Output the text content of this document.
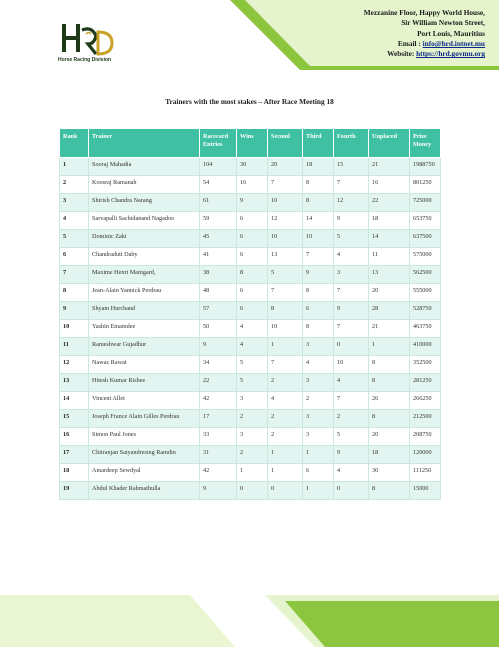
Horse Racing Division
Mezzanine Floor, Happy World House,
Sir William Newton Street,
Port Louis, Mauritius
Email : info@hrd.intnet.mu
Website: https://hrd.govmu.org
Trainers with the most stakes – After Race Meeting 18
Rank	Trainer	Racecard Entries	Wins	Second	Third	Fourth	Unplaced	Prize Money
1	Sooraj Mahadia	104	30	20	18	15	21	1988750
2	Koosraj Ramanah	54	16	7	8	7	16	801250
3	Shirish Chandra Narang	61	9	10	8	12	22	725000
4	Sarvapalli Sachidanand Nagadoo	59	6	12	14	9	18	653750
5	Dominic Zaki	45	6	10	10	5	14	637500
6	Chandradutt Daby	41	6	13	7	4	11	575000
7	Maxime Henri Maingard,	38	8	5	9	3	13	562500
8	Jean-Alain Yannick Perdrau	48	6	7	8	7	20	555000
9	Shyam Hurchand	57	6	8	6	9	28	528750
10	Yashin Emamdee	50	4	10	8	7	21	463750
11	Rameshwar Gujadhur	9	4	1	3	0	1	410000
12	Nawaz Rawat	34	5	7	4	10	8	352500
13	Hitesh Kumar Rishee	22	5	2	3	4	8	281250
14	Vincent Allet	42	3	4	2	7	26	266250
15	Joseph France Alain Gilles Perdrau	17	2	2	3	2	8	212500
16	Simon Paul Jones	33	3	2	3	5	20	208750
17	Chitranjan Satyandresing Ramdin	31	2	1	1	9	18	120000
18	Amardeep Sewdyal	42	1	1	6	4	30	111250
19	Abdul Khader Rahmathulla	9	0	0	1	0	8	15000
